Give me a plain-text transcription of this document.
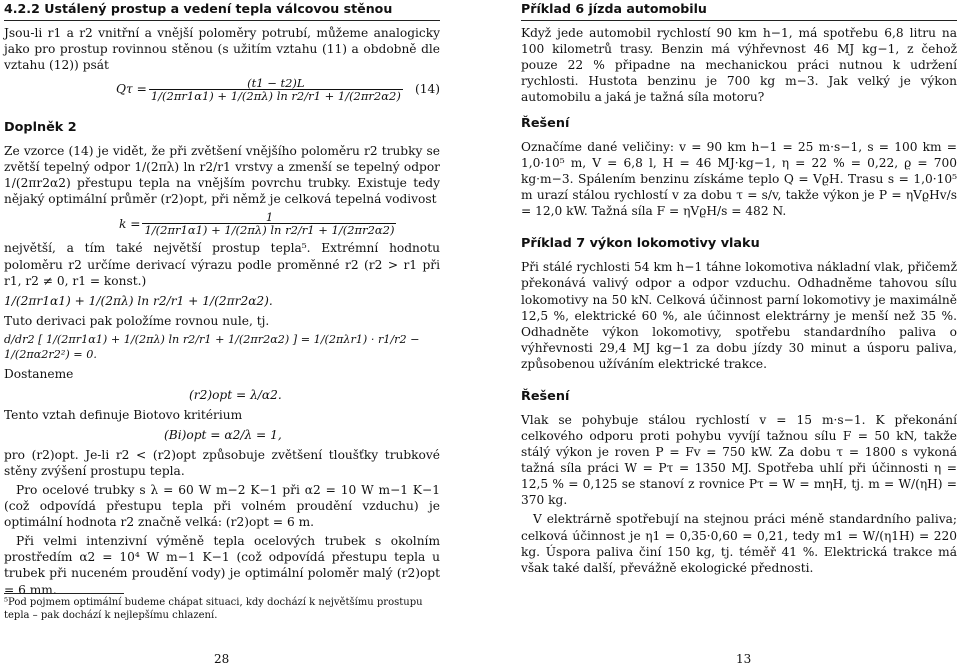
4.2.2 Ustálený prostup a vedení tepla válcovou stěnou

Jsou-li r1 a r2 vnitřní a vnější poloměry potrubí, můžeme analogicky jako pro prostup rovinnou stěnou (s užitím vztahu (11) a obdobně dle vztahu (12)) psát

$Q\tau = \frac{(t1 - t2)L}{\text{1/(2πr1α1) + 1/(2πλ) ln r2/r1 + 1/(2πr2α2)}} (14)$
Doplněk 2

Ze vzorce (14) je vidět, že při zvětšení vnějšího poloměru r2 trubky se zvětší tepelný odpor 1/(2πλ) ln r2/r1 vrstvy a zmenší se tepelný odpor 1/(2πr2α2) přestupu tepla na vnějším povrchu trubky. Existuje tedy nějaký optimální průměr (r2)opt, při němž je celková tepelná vodivost

$k = \frac{1}{\text{1/(2πr1α1) + 1/(2πλ) ln r2/r1 + 1/(2πr2α2)}}$

největší, a tím také největší prostup tepla⁵. Extrémní hodnotu poloměru r2 určíme derivací výrazu podle proměnné r2 (r2 > r1 při r1, r2 ≠ 0, r1 = konst.)

1/(2πr1α1) + 1/(2πλ) ln r2/r1 + 1/(2πr2α2).

Tuto derivaci pak položíme rovnou nule, tj.

d/dr2 [ 1/(2πr1α1) + 1/(2πλ) ln r2/r1 + 1/(2πr2α2) ] = 1/(2πλr1) · r1/r2 − 1/(2πα2r2²) = 0.

Dostaneme

(r2)opt = λ/α2.

Tento vztah definuje Biotovo kritérium

(Bi)opt = α2/λ = 1,

pro (r2)opt. Je-li r2 < (r2)opt způsobuje zvětšení tloušťky trubkové stěny zvýšení prostupu tepla.

Pro ocelové trubky s λ = 60 W m−2 K−1 při α2 = 10 W m−1 K−1 (což odpovídá přestupu tepla při volném proudění vzduchu) je optimální hodnota r2 značně velká: (r2)opt = 6 m.

Při velmi intenzivní výměně tepla ocelových trubek s okolním prostředím α2 = 10⁴ W m−1 K−1 (což odpovídá přestupu tepla u trubek při nuceném proudění vody) je optimální poloměr malý (r2)opt = 6 mm.

⁵Pod pojmem optimální budeme chápat situaci, kdy dochází k největšímu prostupu tepla – pak dochází k nejlepšímu chlazení.
28
Příklad 6 jízda automobilu

Když jede automobil rychlostí 90 km h−1, má spotřebu 6,8 litru na 100 kilometrů trasy. Benzin má výhřevnost 46 MJ kg−1, z čehož pouze 22 % připadne na mechanickou práci nutnou k udržení rychlosti. Hustota benzinu je 700 kg m−3. Jak velký je výkon automobilu a jaká je tažná síla motoru?

Řešení

Označíme dané veličiny: v = 90 km h−1 = 25 m·s−1, s = 100 km = 1,0·10⁵ m, V = 6,8 l, H = 46 MJ·kg−1, η = 22 % = 0,22, ϱ = 700 kg·m−3. Spálením benzinu získáme teplo Q = VϱH. Trasu s = 1,0·10⁵ m urazí stálou rychlostí v za dobu τ = s/v, takže výkon je P = ηVϱHv/s = 12,0 kW. Tažná síla F = ηVϱH/s = 482 N.

Příklad 7 výkon lokomotivy vlaku

Při stálé rychlosti 54 km h−1 táhne lokomotiva nákladní vlak, přičemž překonává valivý odpor a odpor vzduchu. Odhadněme tahovou sílu lokomotivy na 50 kN. Celková účinnost parní lokomotivy je maximálně 12,5 %, elektrické 60 %, ale účinnost elektrárny je menší než 35 %. Odhadněte výkon lokomotivy, spotřebu standardního paliva o výhřevnosti 29,4 MJ kg−1 za dobu jízdy 30 minut a úsporu paliva, způsobenou užíváním elektrické trakce.

Řešení

Vlak se pohybuje stálou rychlostí v = 15 m·s−1. K překonání celkového odporu proti pohybu vyvíjí tažnou sílu F = 50 kN, takže stálý výkon je roven P = Fv = 750 kW. Za dobu τ = 1800 s vykoná tažná síla práci W = Pτ = 1350 MJ. Spotřeba uhlí při účinnosti η = 12,5 % = 0,125 se stanoví z rovnice Pτ = W = mηH, tj. m = W/(ηH) = 370 kg.

V elektrárně spotřebují na stejnou práci méně standardního paliva; celková účinnost je η1 = 0,35·0,60 = 0,21, tedy m1 = W/(η1H) = 220 kg. Úspora paliva činí 150 kg, tj. téměř 41 %. Elektrická trakce má však také další, převážně ekologické přednosti.

13
